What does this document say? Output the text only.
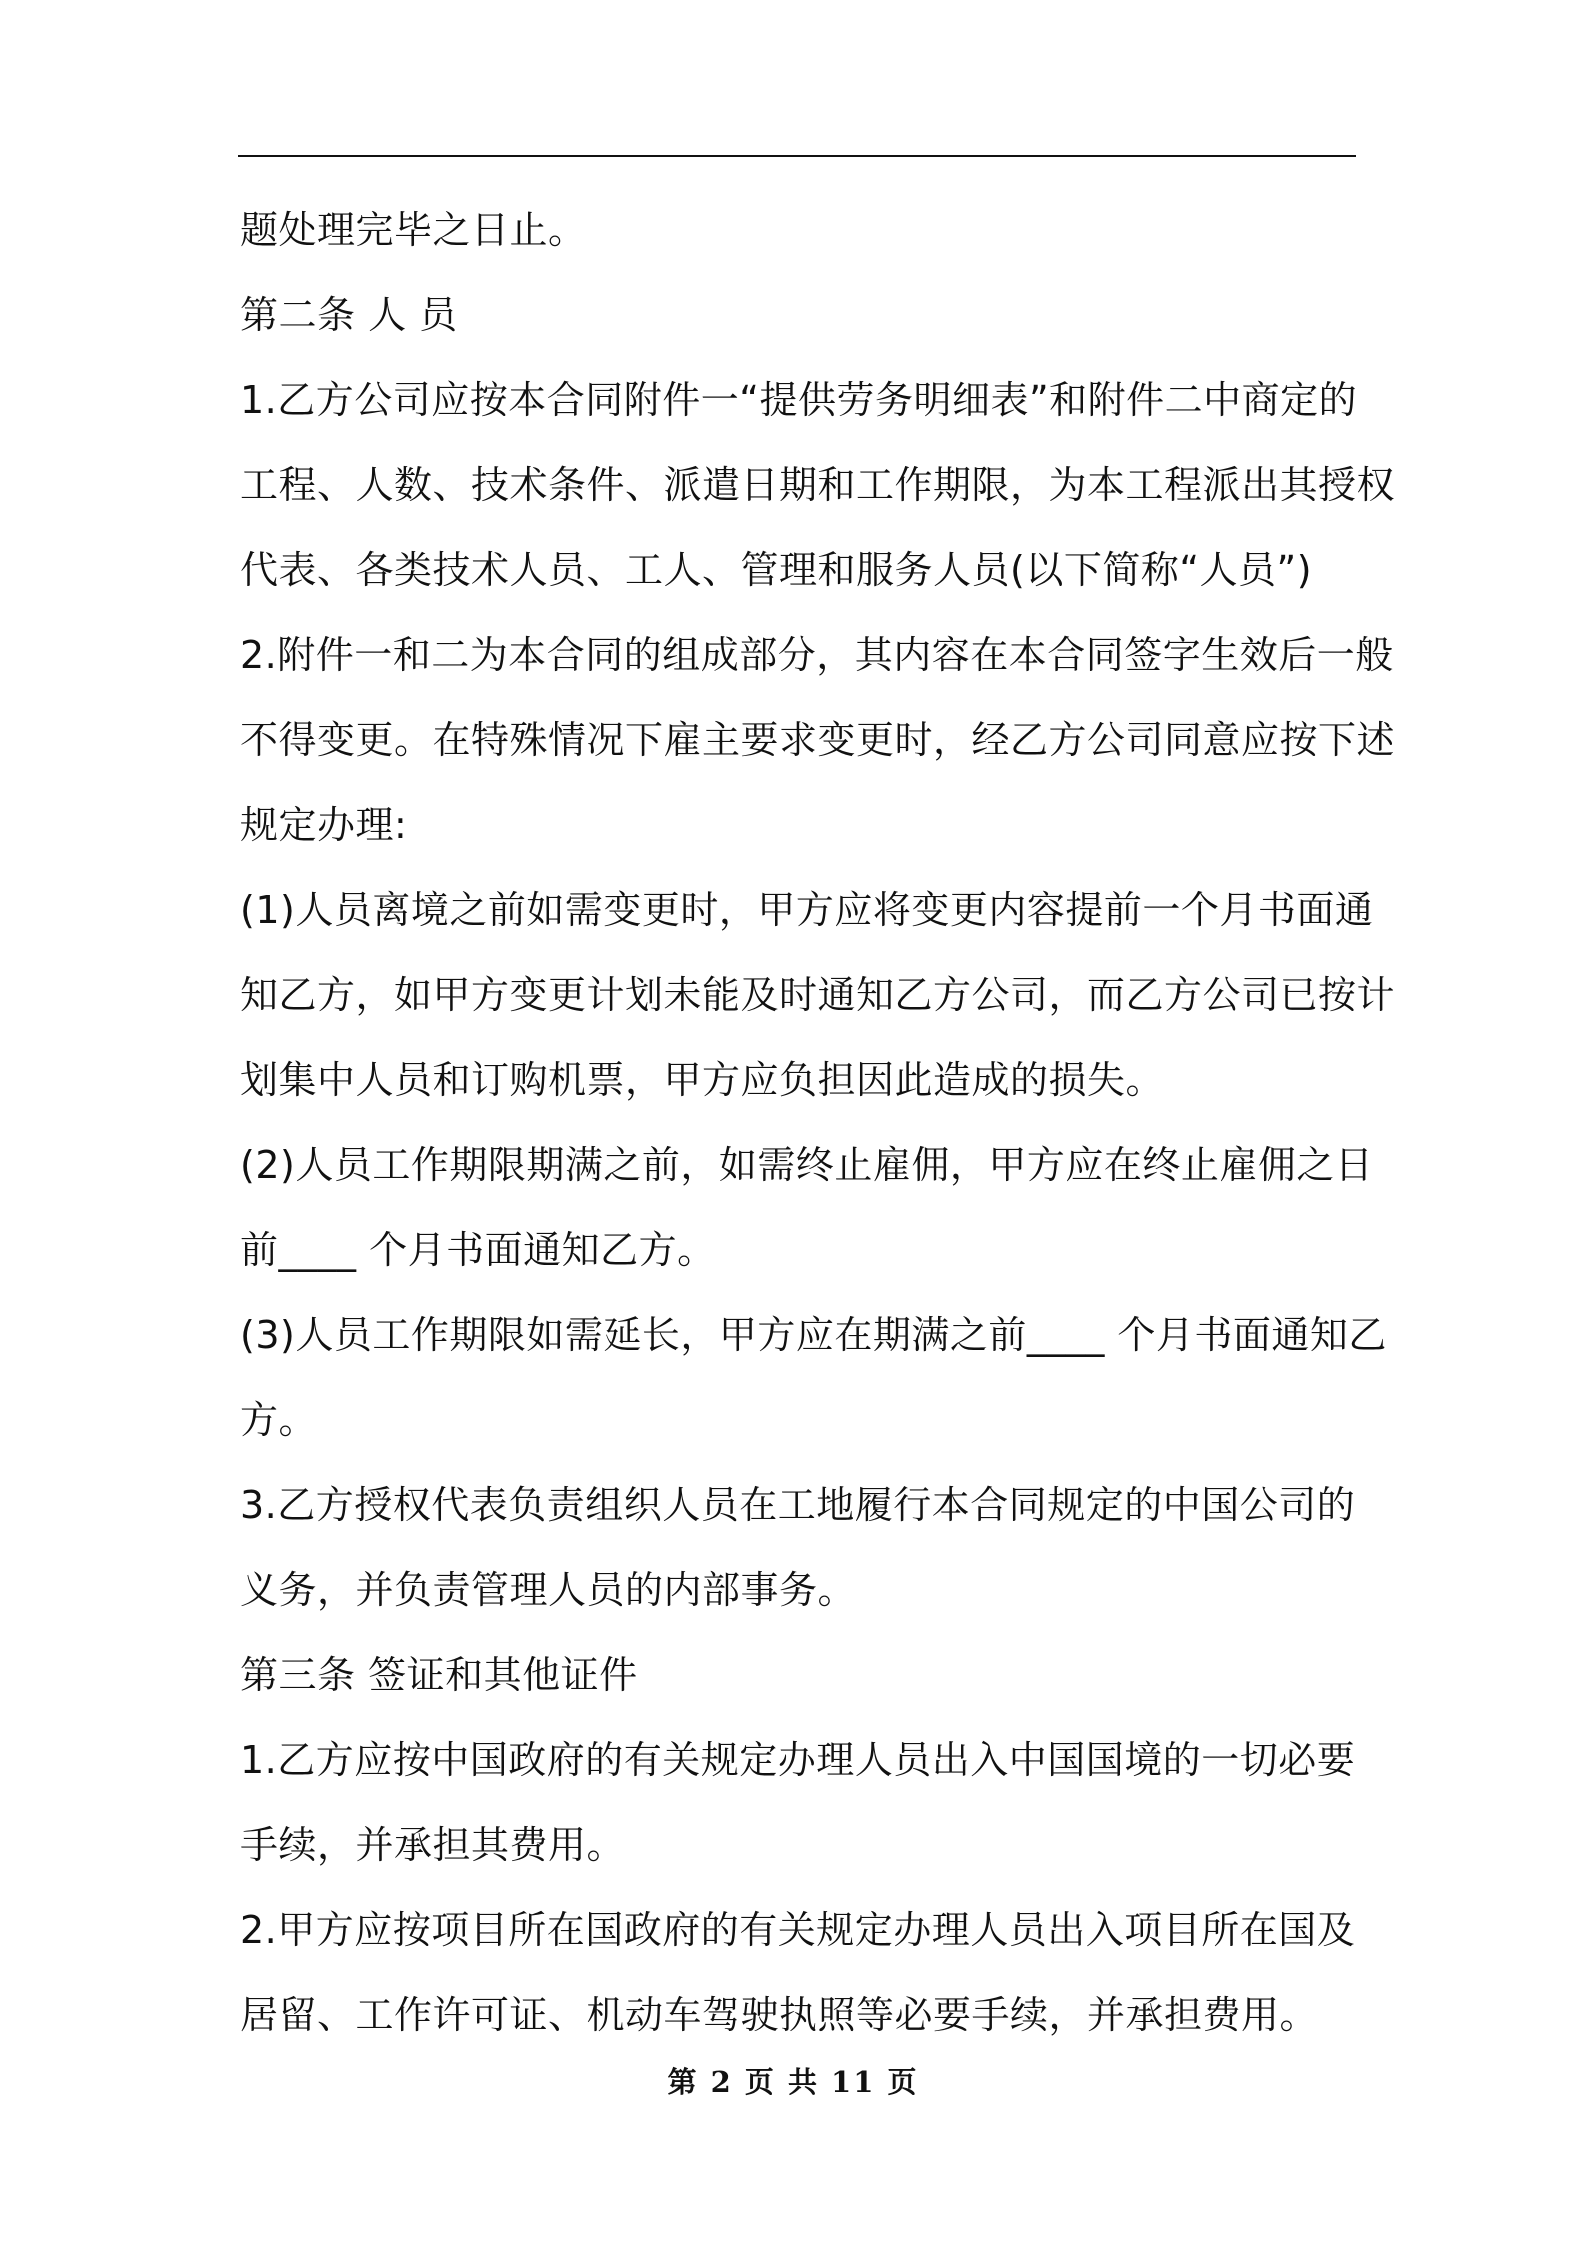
题处理完毕之日止。
第二条 人 员
1.乙方公司应按本合同附件一“提供劳务明细表”和附件二中商定的
工程、人数、技术条件、派遣日期和工作期限，为本工程派出其授权
代表、各类技术人员、工人、管理和服务人员(以下简称“人员”)
2.附件一和二为本合同的组成部分，其内容在本合同签字生效后一般
不得变更。在特殊情况下雇主要求变更时，经乙方公司同意应按下述
规定办理:
(1)人员离境之前如需变更时，甲方应将变更内容提前一个月书面通
知乙方，如甲方变更计划未能及时通知乙方公司，而乙方公司已按计
划集中人员和订购机票，甲方应负担因此造成的损失。
(2)人员工作期限期满之前，如需终止雇佣，甲方应在终止雇佣之日
前____ 个月书面通知乙方。
(3)人员工作期限如需延长，甲方应在期满之前____ 个月书面通知乙
方。
3.乙方授权代表负责组织人员在工地履行本合同规定的中国公司的
义务，并负责管理人员的内部事务。
第三条 签证和其他证件
1.乙方应按中国政府的有关规定办理人员出入中国国境的一切必要
手续，并承担其费用。
2.甲方应按项目所在国政府的有关规定办理人员出入项目所在国及
居留、工作许可证、机动车驾驶执照等必要手续，并承担费用。
第 2 页 共 11 页
